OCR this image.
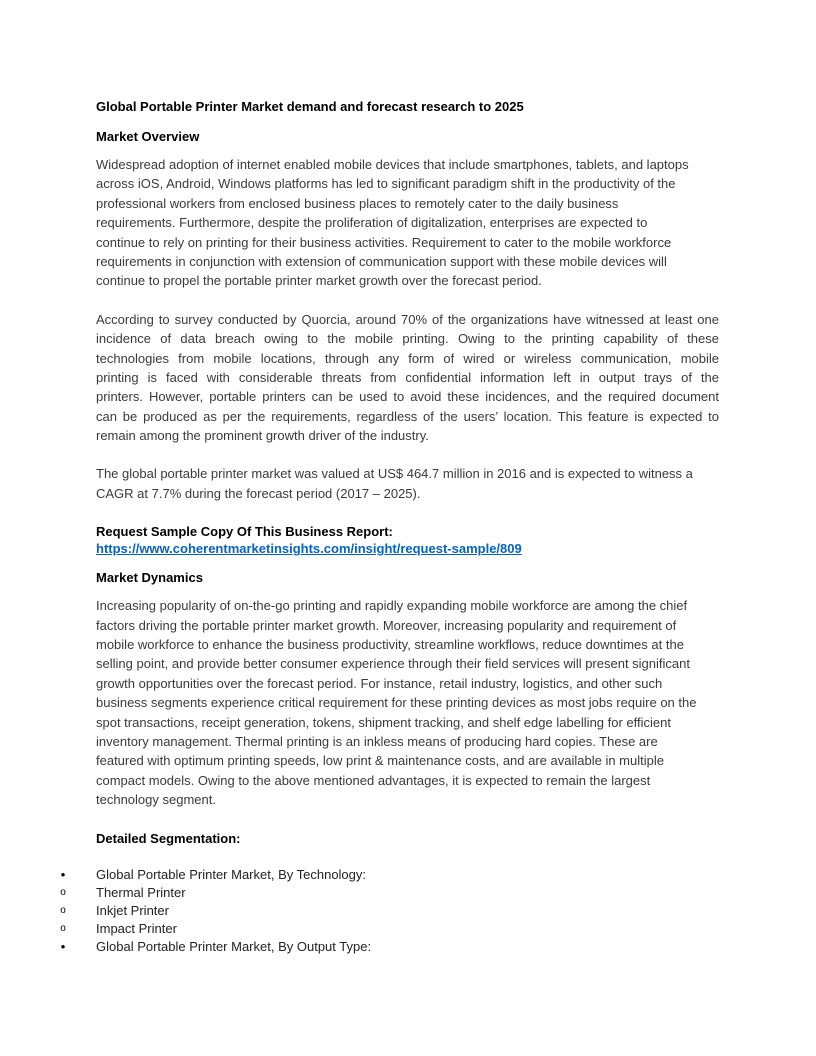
Global Portable Printer Market demand and forecast research to 2025
Market Overview
Widespread adoption of internet enabled mobile devices that include smartphones, tablets, and laptops
across iOS, Android, Windows platforms has led to significant paradigm shift in the productivity of the
professional workers from enclosed business places to remotely cater to the daily business
requirements. Furthermore, despite the proliferation of digitalization, enterprises are expected to
continue to rely on printing for their business activities. Requirement to cater to the mobile workforce
requirements in conjunction with extension of communication support with these mobile devices will
continue to propel the portable printer market growth over the forecast period.
According to survey conducted by Quorcia, around 70% of the organizations have witnessed at least one
incidence of data breach owing to the mobile printing. Owing to the printing capability of these
technologies from mobile locations, through any form of wired or wireless communication, mobile
printing is faced with considerable threats from confidential information left in output trays of the
printers. However, portable printers can be used to avoid these incidences, and the required document
can be produced as per the requirements, regardless of the users’ location. This feature is expected to
remain among the prominent growth driver of the industry.
The global portable printer market was valued at US$ 464.7 million in 2016 and is expected to witness a
CAGR at 7.7% during the forecast period (2017 – 2025).
Request Sample Copy Of This Business Report:
https://www.coherentmarketinsights.com/insight/request-sample/809
Market Dynamics
Increasing popularity of on-the-go printing and rapidly expanding mobile workforce are among the chief
factors driving the portable printer market growth. Moreover, increasing popularity and requirement of
mobile workforce to enhance the business productivity, streamline workflows, reduce downtimes at the
selling point, and provide better consumer experience through their field services will present significant
growth opportunities over the forecast period. For instance, retail industry, logistics, and other such
business segments experience critical requirement for these printing devices as most jobs require on the
spot transactions, receipt generation, tokens, shipment tracking, and shelf edge labelling for efficient
inventory management. Thermal printing is an inkless means of producing hard copies. These are
featured with optimum printing speeds, low print & maintenance costs, and are available in multiple
compact models. Owing to the above mentioned advantages, it is expected to remain the largest
technology segment.
Detailed Segmentation:
• Global Portable Printer Market, By Technology:
o Thermal Printer
o Inkjet Printer
o Impact Printer
• Global Portable Printer Market, By Output Type:
